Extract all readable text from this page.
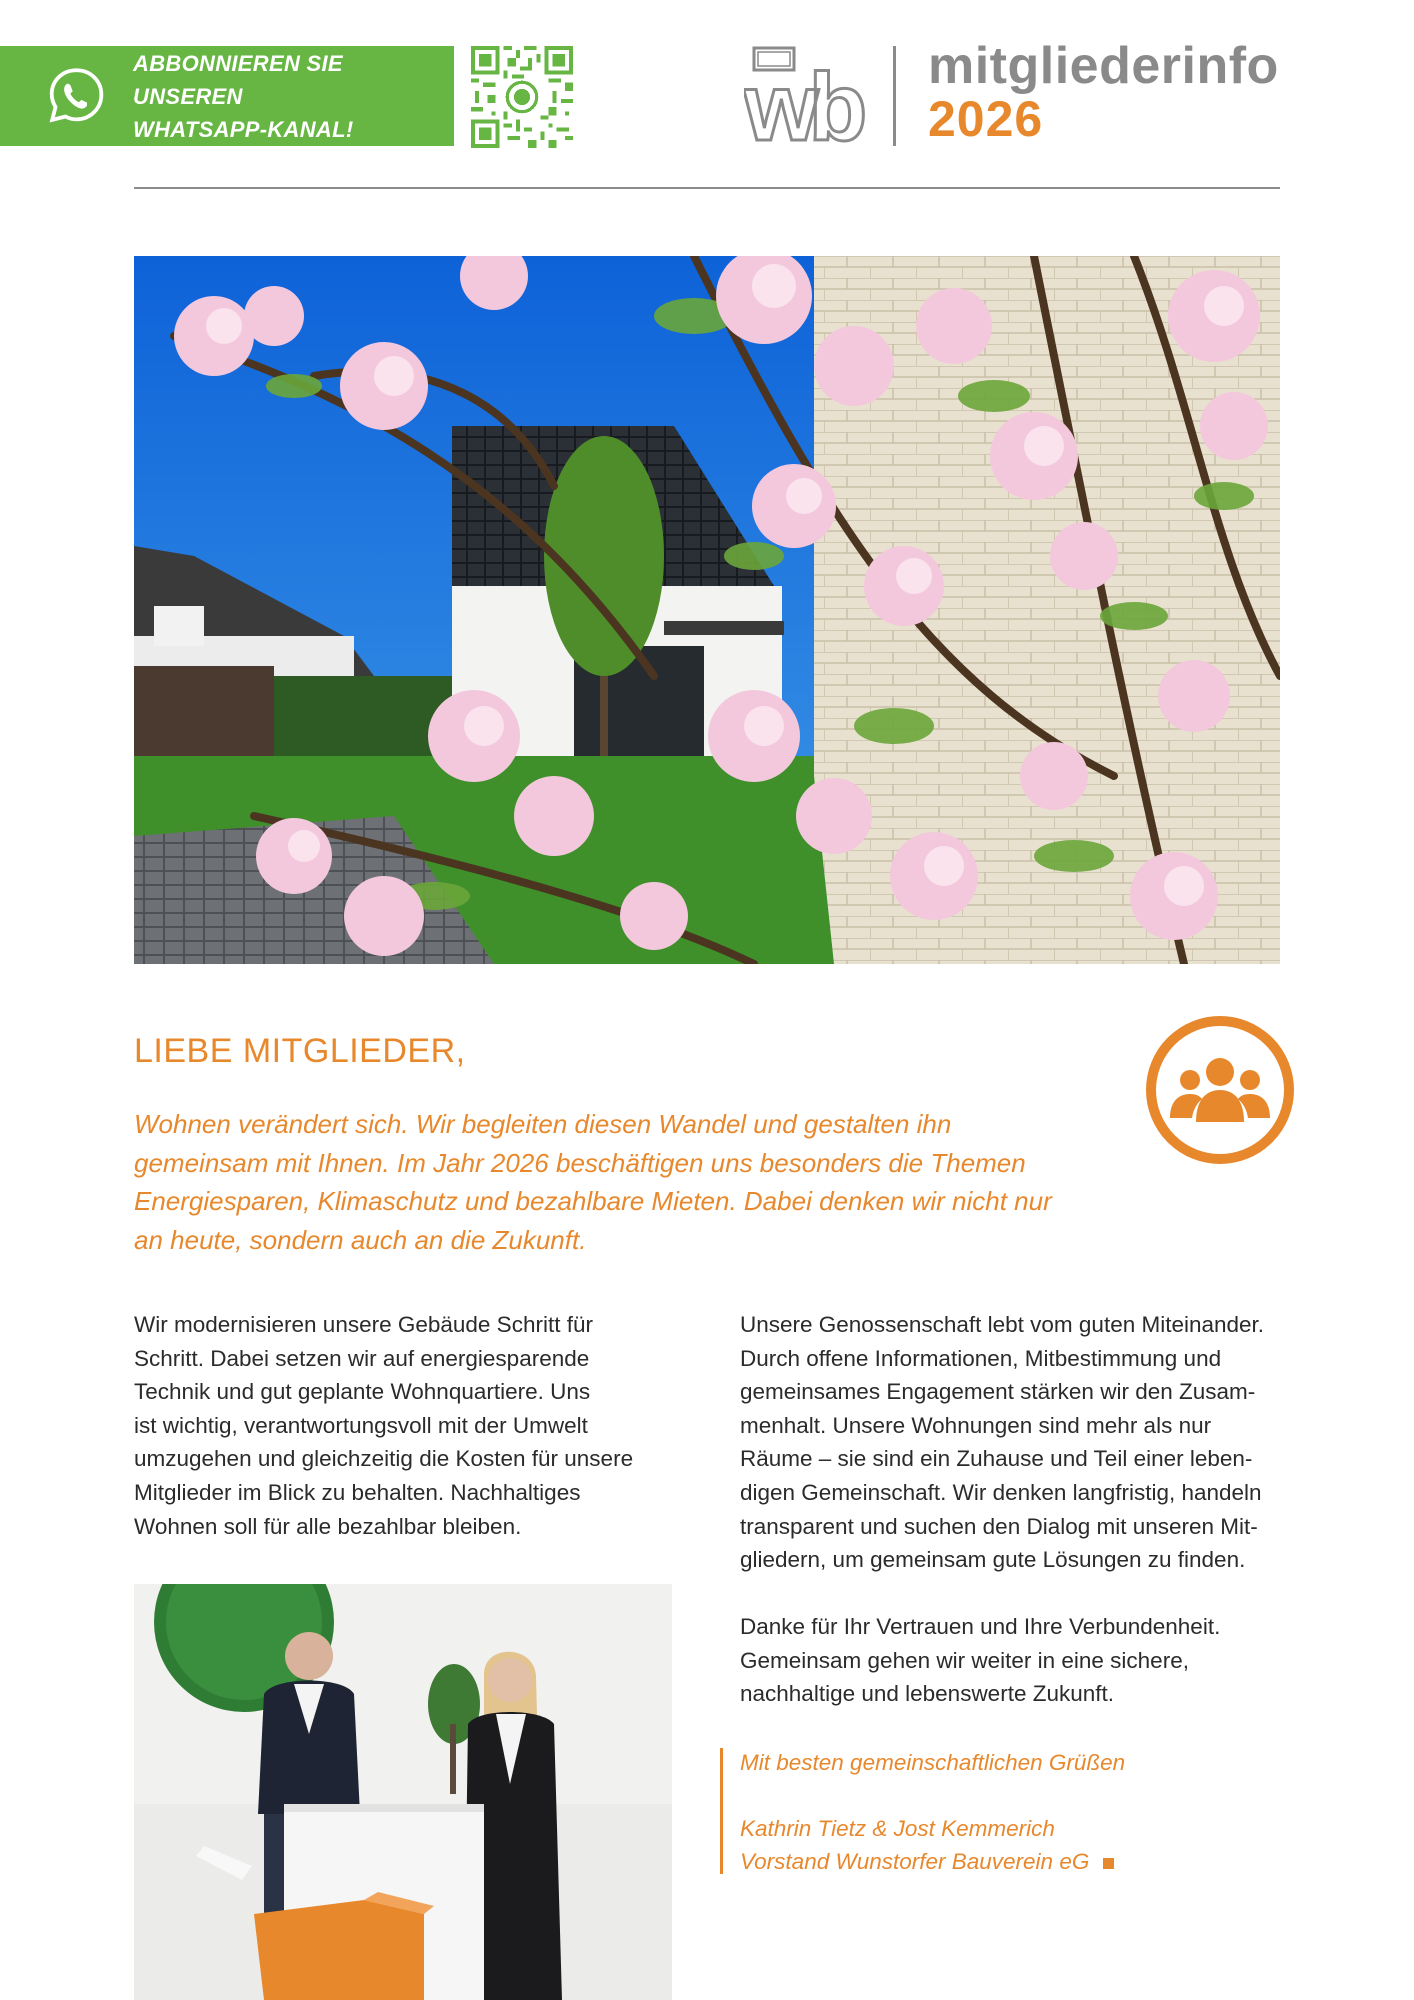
ABBONNIEREN SIE UNSEREN
WHATSAPP-KANAL!	wb mitgliederinfo
2026
LIEBE MITGLIEDER,
Wohnen verändert sich. Wir begleiten diesen Wandel und gestalten ihn
gemeinsam mit Ihnen. Im Jahr 2026 beschäftigen uns besonders die Themen
Energiesparen, Klimaschutz und bezahlbare Mieten. Dabei denken wir nicht nur
an heute, sondern auch an die Zukunft.
Wir modernisieren unsere Gebäude Schritt für
Schritt. Dabei setzen wir auf energiesparende
Technik und gut geplante Wohnquartiere. Uns
ist wichtig, verantwortungsvoll mit der Umwelt
umzugehen und gleichzeitig die Kosten für unsere
Mitglieder im Blick zu behalten. Nachhaltiges
Wohnen soll für alle bezahlbar bleiben.
Unsere Genossenschaft lebt vom guten Miteinander.
Durch offene Informationen, Mitbestimmung und
gemeinsames Engagement stärken wir den Zusam-
menhalt. Unsere Wohnungen sind mehr als nur
Räume – sie sind ein Zuhause und Teil einer leben-
digen Gemeinschaft. Wir denken langfristig, handeln
transparent und suchen den Dialog mit unseren Mit-
gliedern, um gemeinsam gute Lösungen zu finden.
Danke für Ihr Vertrauen und Ihre Verbundenheit.
Gemeinsam gehen wir weiter in eine sichere,
nachhaltige und lebenswerte Zukunft.
Mit besten gemeinschaftlichen Grüßen
Kathrin Tietz & Jost Kemmerich
Vorstand Wunstorfer Bauverein eG
